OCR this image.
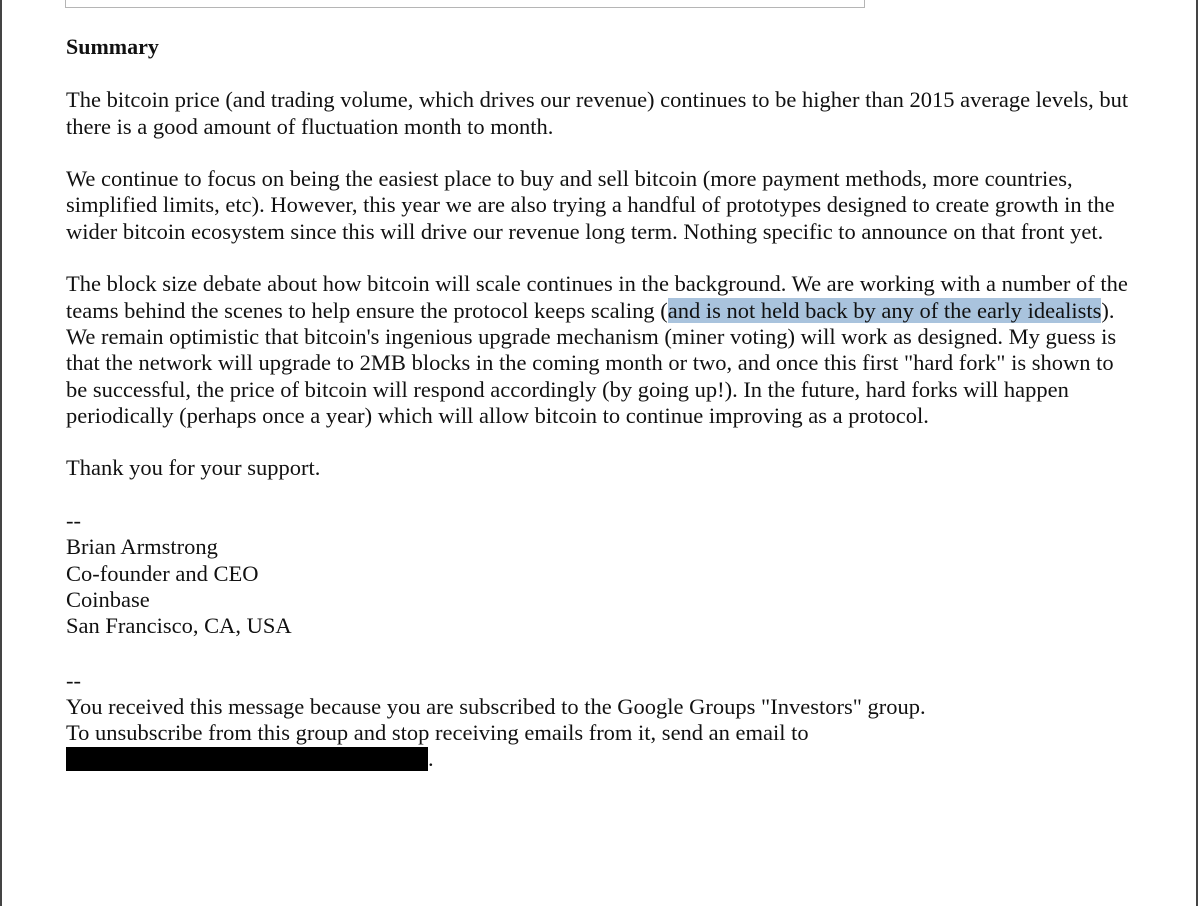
Summary

The bitcoin price (and trading volume, which drives our revenue) continues to be higher than 2015 average levels, but there is a good amount of fluctuation month to month.

We continue to focus on being the easiest place to buy and sell bitcoin (more payment methods, more countries, simplified limits, etc). However, this year we are also trying a handful of prototypes designed to create growth in the wider bitcoin ecosystem since this will drive our revenue long term. Nothing specific to announce on that front yet.

The block size debate about how bitcoin will scale continues in the background. We are working with a number of the teams behind the scenes to help ensure the protocol keeps scaling (and is not held back by any of the early idealists). We remain optimistic that bitcoin's ingenious upgrade mechanism (miner voting) will work as designed. My guess is that the network will upgrade to 2MB blocks in the coming month or two, and once this first "hard fork" is shown to be successful, the price of bitcoin will respond accordingly (by going up!). In the future, hard forks will happen periodically (perhaps once a year) which will allow bitcoin to continue improving as a protocol.

Thank you for your support.

--
Brian Armstrong
Co-founder and CEO
Coinbase
San Francisco, CA, USA
--
You received this message because you are subscribed to the Google Groups "Investors" group.
To unsubscribe from this group and stop receiving emails from it, send an email to
.
